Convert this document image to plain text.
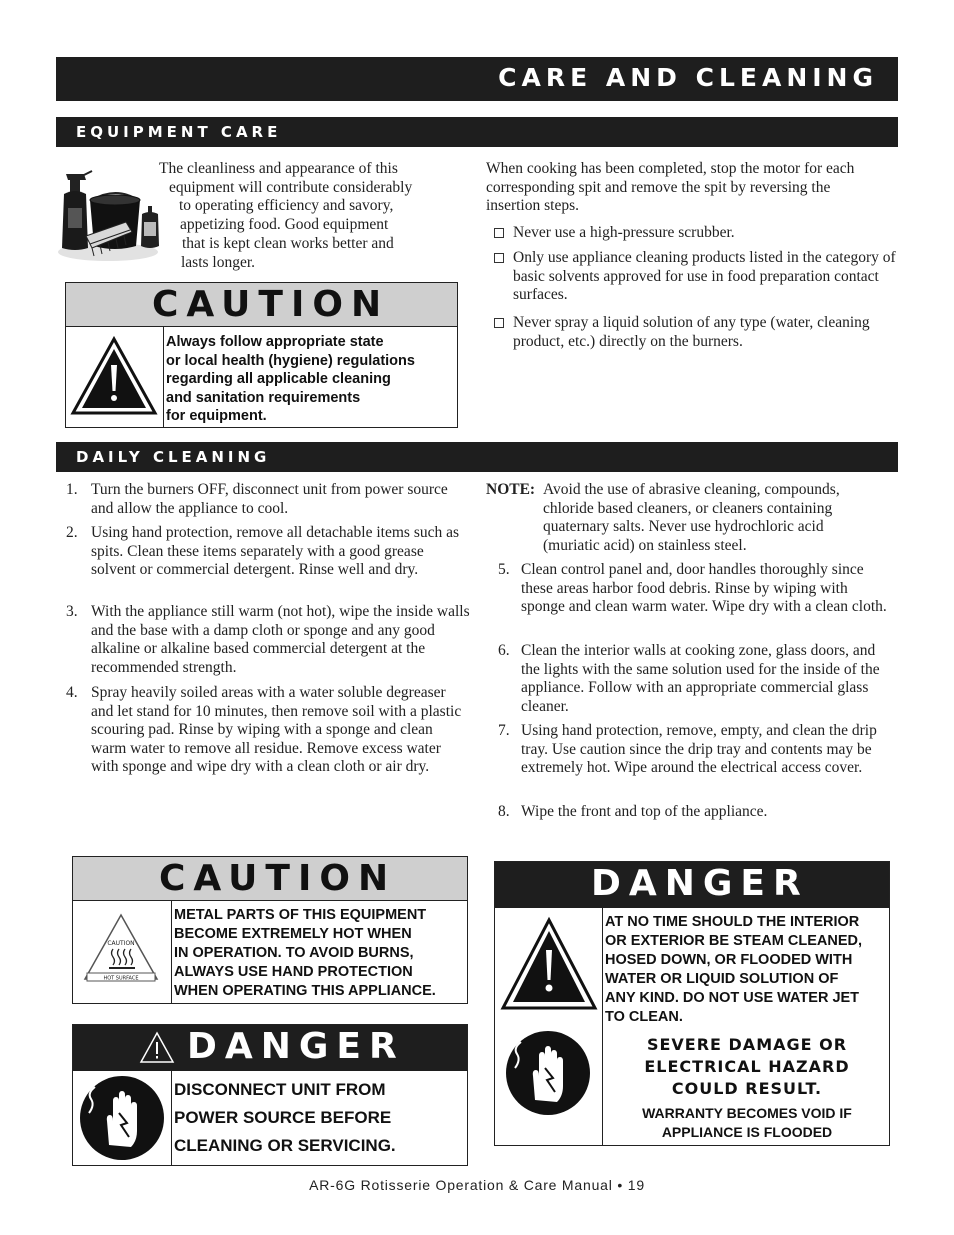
CARE AND CLEANING
EQUIPMENT CARE
DAILY CLEANING
The cleanliness and appearance of this
equipment will contribute considerably
to operating efficiency and savory,
appetizing food. Good equipment
that is kept clean works better and
lasts longer.
CAUTION
Always follow appropriate state
or local health (hygiene) regulations
regarding all applicable cleaning
and sanitation requirements
for equipment.
When cooking has been completed, stop the motor for each corresponding spit and remove the spit by reversing the insertion steps.
Never use a high-pressure scrubber.
Only use appliance cleaning products listed in the category of basic solvents approved for use in food preparation contact surfaces.
Never spray a liquid solution of any type (water, cleaning product, etc.) directly on the burners.
1. Turn the burners OFF, disconnect unit from power source and allow the appliance to cool.
2. Using hand protection, remove all detachable items such as spits. Clean these items separately with a good grease solvent or commercial detergent. Rinse well and dry.
3. With the appliance still warm (not hot), wipe the inside walls and the base with a damp cloth or sponge and any good alkaline or alkaline based commercial detergent at the recommended strength.
4. Spray heavily soiled areas with a water soluble degreaser and let stand for 10 minutes, then remove soil with a plastic scouring pad. Rinse by wiping with a sponge and clean warm water to remove all residue. Remove excess water with sponge and wipe dry with a clean cloth or air dry.
NOTE: Avoid the use of abrasive cleaning, compounds, chloride based cleaners, or cleaners containing quaternary salts. Never use hydrochloric acid (muriatic acid) on stainless steel.
5. Clean control panel and, door handles thoroughly since these areas harbor food debris. Rinse by wiping with sponge and clean warm water. Wipe dry with a clean cloth.
6. Clean the interior walls at cooking zone, glass doors, and the lights with the same solution used for the inside of the appliance. Follow with an appropriate commercial glass cleaner.
7. Using hand protection, remove, empty, and clean the drip tray. Use caution since the drip tray and contents may be extremely hot. Wipe around the electrical access cover.
8. Wipe the front and top of the appliance.
CAUTION
CAUTION
HOT SURFACE
METAL PARTS OF THIS EQUIPMENT
BECOME EXTREMELY HOT WHEN
IN OPERATION. TO AVOID BURNS,
ALWAYS USE HAND PROTECTION
WHEN OPERATING THIS APPLIANCE.
DANGER
DISCONNECT UNIT FROM
POWER SOURCE BEFORE
CLEANING OR SERVICING.
DANGER
AT NO TIME SHOULD THE INTERIOR
OR EXTERIOR BE STEAM CLEANED,
HOSED DOWN, OR FLOODED WITH
WATER OR LIQUID SOLUTION OF
ANY KIND. DO NOT USE WATER JET
TO CLEAN.
SEVERE DAMAGE OR
ELECTRICAL HAZARD
COULD RESULT.
WARRANTY BECOMES VOID IF
APPLIANCE IS FLOODED
AR-6G Rotisserie Operation & Care Manual • 19
